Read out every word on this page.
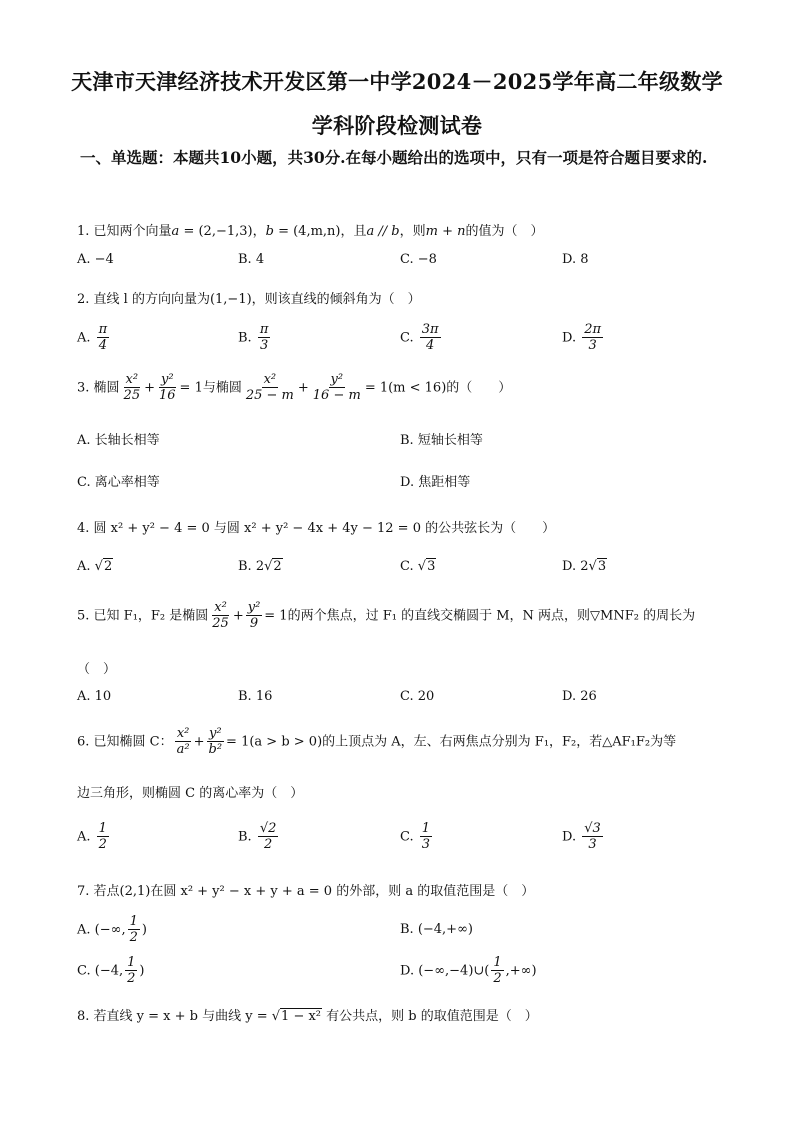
天津市天津经济技术开发区第一中学2024－2025学年高二年级数学
学科阶段检测试卷
一、单选题：本题共10小题，共30分.在每小题给出的选项中，只有一项是符合题目要求的.
1. 已知两个向量a = (2,−1,3)，b = (4,m,n)，且a // b，则m + n的值为（　）
A. −4	B. 4	C. −8	D. 8
2. 直线 l 的方向向量为(1,−1)，则该直线的倾斜角为（　）
A. $\frac{\pi}{4}$	B. $\frac{\pi}{3}$	C. $\frac{3\pi}{4}$	D. $\frac{2\pi}{3}$
3. 椭圆 $\frac{\text{x²}}{25} + \frac{\text{y²}}{16} = 1$与椭圆 $\frac{\text{x²}}{25 - m} + \frac{\text{y²}}{16 - m} = 1(m < 16)$的（　　）
A. 长轴长相等	B. 短轴长相等
C. 离心率相等	D. 焦距相等
4. 圆 x² + y² − 4 = 0 与圆 x² + y² − 4x + 4y − 12 = 0 的公共弦长为（　　）
A. √2	B. 2√2	C. √3	D. 2√3
5. 已知 F₁，F₂ 是椭圆 $\frac{\text{x²}}{25} + \frac{\text{y²}}{9} = 1$的两个焦点，过 F₁ 的直线交椭圆于 M，N 两点，则▽MNF₂ 的周长为
（　）
A. 10	B. 16	C. 20	D. 26
6. 已知椭圆 C： $\frac{\text{x²}}{\text{a²}} + \frac{\text{y²}}{\text{b²}} = 1(a > b > 0)$的上顶点为 A，左、右两焦点分别为 F₁，F₂，若△AF₁F₂为等
边三角形，则椭圆 C 的离心率为（　）
A. $\frac{1}{2}$	B. $\frac{√2}{2}$	C. $\frac{1}{3}$	D. $\frac{√3}{3}$
7. 若点(2,1)在圆 x² + y² − x + y + a = 0 的外部，则 a 的取值范围是（　）
A. (−∞, $\frac{1}{2}$ )	B. (−4,+∞)
C. (−4, $\frac{1}{2}$ )	D. (−∞,−4)∪( $\frac{1}{2}$ ,+∞)
8. 若直线 y = x + b 与曲线 y = √1 − x² 有公共点，则 b 的取值范围是（　）
